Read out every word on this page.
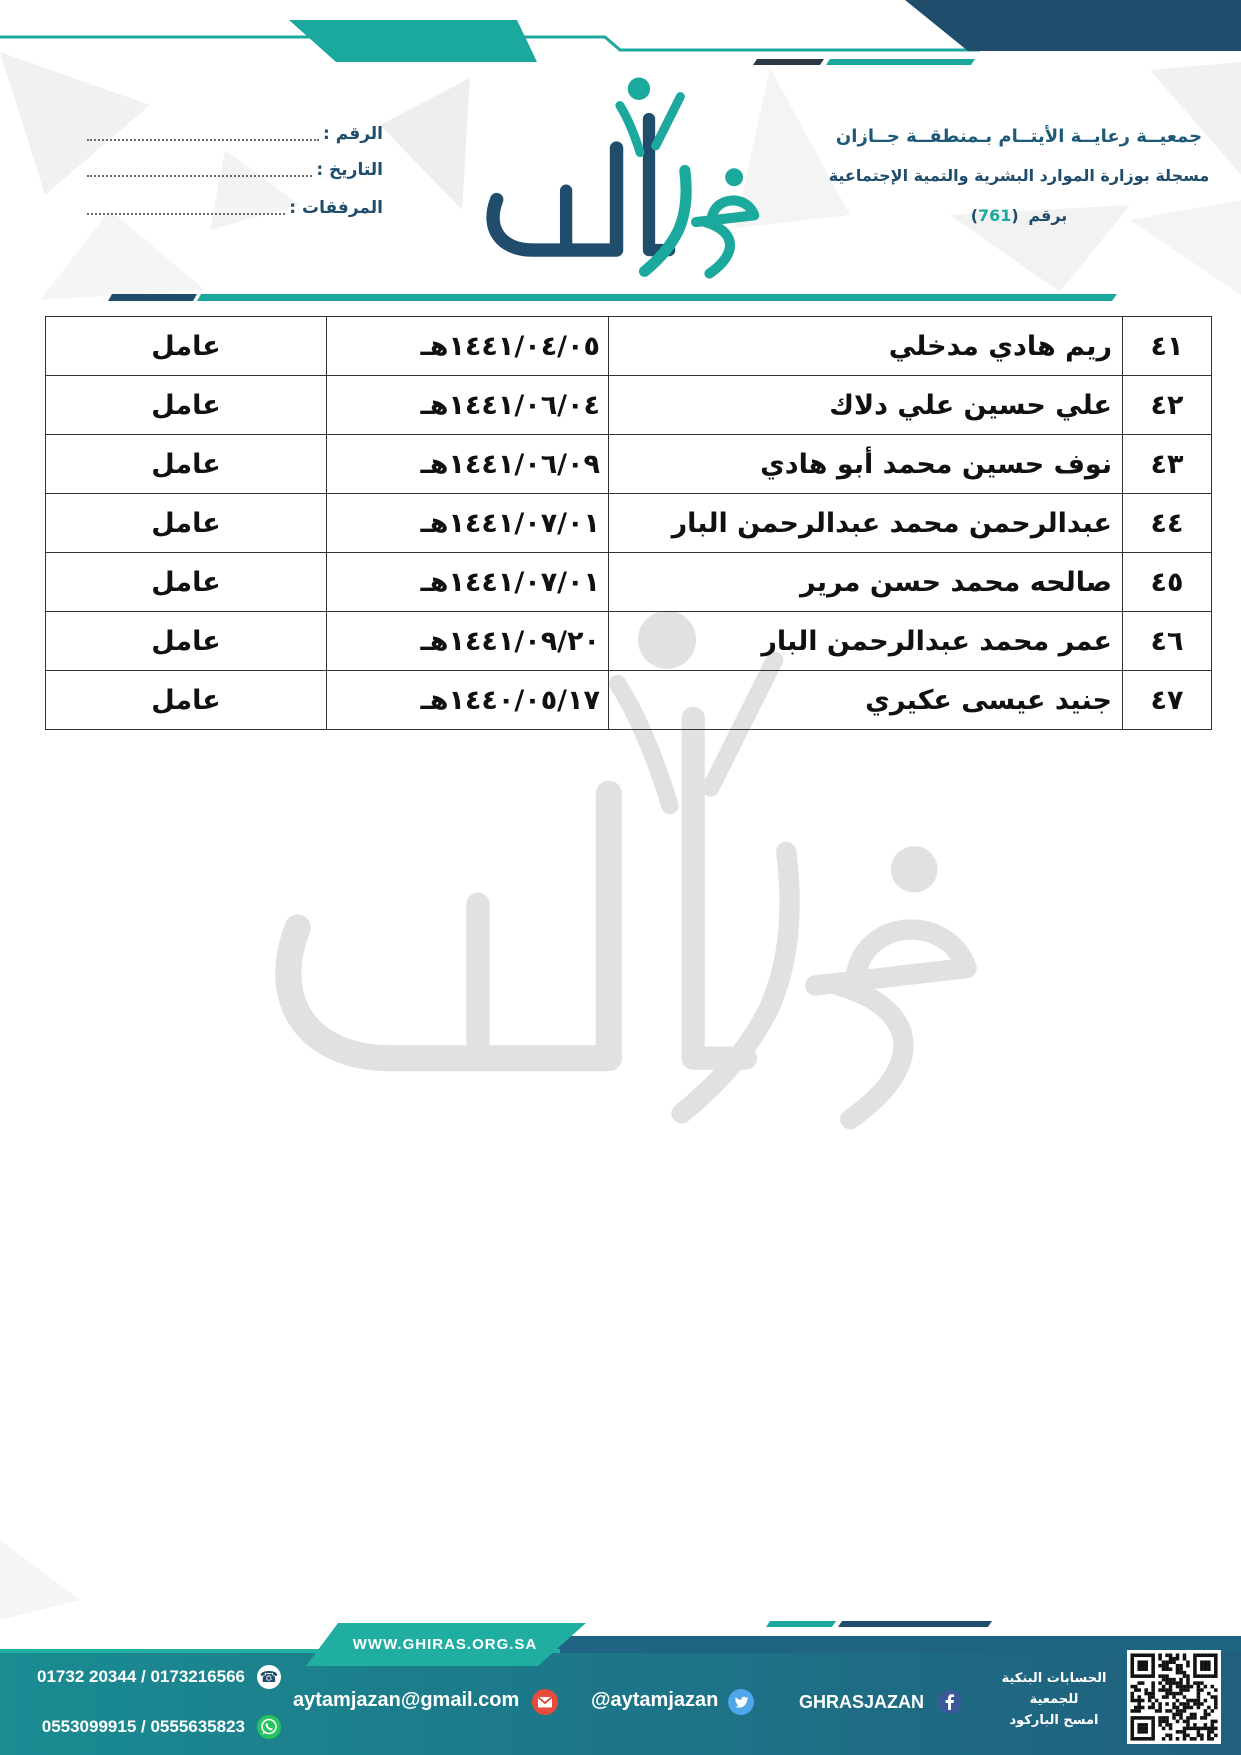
جمعيــة رعايــة الأيتــام بـمنطقــة جــازان
مسجلة بوزارة الموارد البشرية والتمية الإجتماعية
برقم (761)
الرقم :
التاريخ :
المرفقات :
٤١	ريم هادي مدخلي	١٤٤١/٠٤/٠٥هـ	عامل
٤٢	علي حسين علي دلاك	١٤٤١/٠٦/٠٤هـ	عامل
٤٣	نوف حسين محمد أبو هادي	١٤٤١/٠٦/٠٩هـ	عامل
٤٤	عبدالرحمن محمد عبدالرحمن البار	١٤٤١/٠٧/٠١هـ	عامل
٤٥	صالحه محمد حسن مرير	١٤٤١/٠٧/٠١هـ	عامل
٤٦	عمر محمد عبدالرحمن البار	١٤٤١/٠٩/٢٠هـ	عامل
٤٧	جنيد عيسى عكيري	١٤٤٠/٠٥/١٧هـ	عامل
WWW.GHIRAS.ORG.SA
01732 20344 / 0173216566 ☎
0553099915 / 0555635823
aytamjazan@gmail.com	@aytamjazan	GHRASJAZAN
الحسابات البنكية
للجمعية
امسح الباركود
